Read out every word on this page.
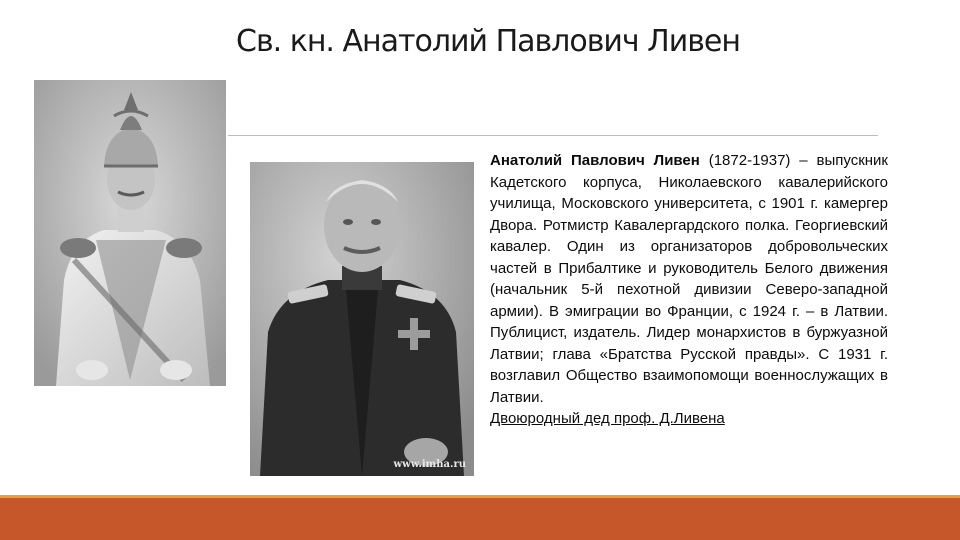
Св. кн. Анатолий Павлович Ливен
www.imha.ru
Анатолий Павлович Ливен (1872-1937) – выпускник Кадетского корпуса, Николаевского кавалерийского училища, Московского университета, с 1901 г. камергер Двора. Ротмистр Кавалергардского полка. Георгиевский кавалер. Один из организаторов добровольческих частей в Прибалтике и руководитель Белого движения (начальник 5-й пехотной дивизии Северо-западной армии). В эмиграции во Франции, с 1924 г. – в Латвии. Публицист, издатель. Лидер монархистов в буржуазной Латвии; глава «Братства Русской правды». С 1931 г. возглавил Общество взаимопомощи военнослужащих в Латвии.
Двоюродный дед проф. Д.Ливена
